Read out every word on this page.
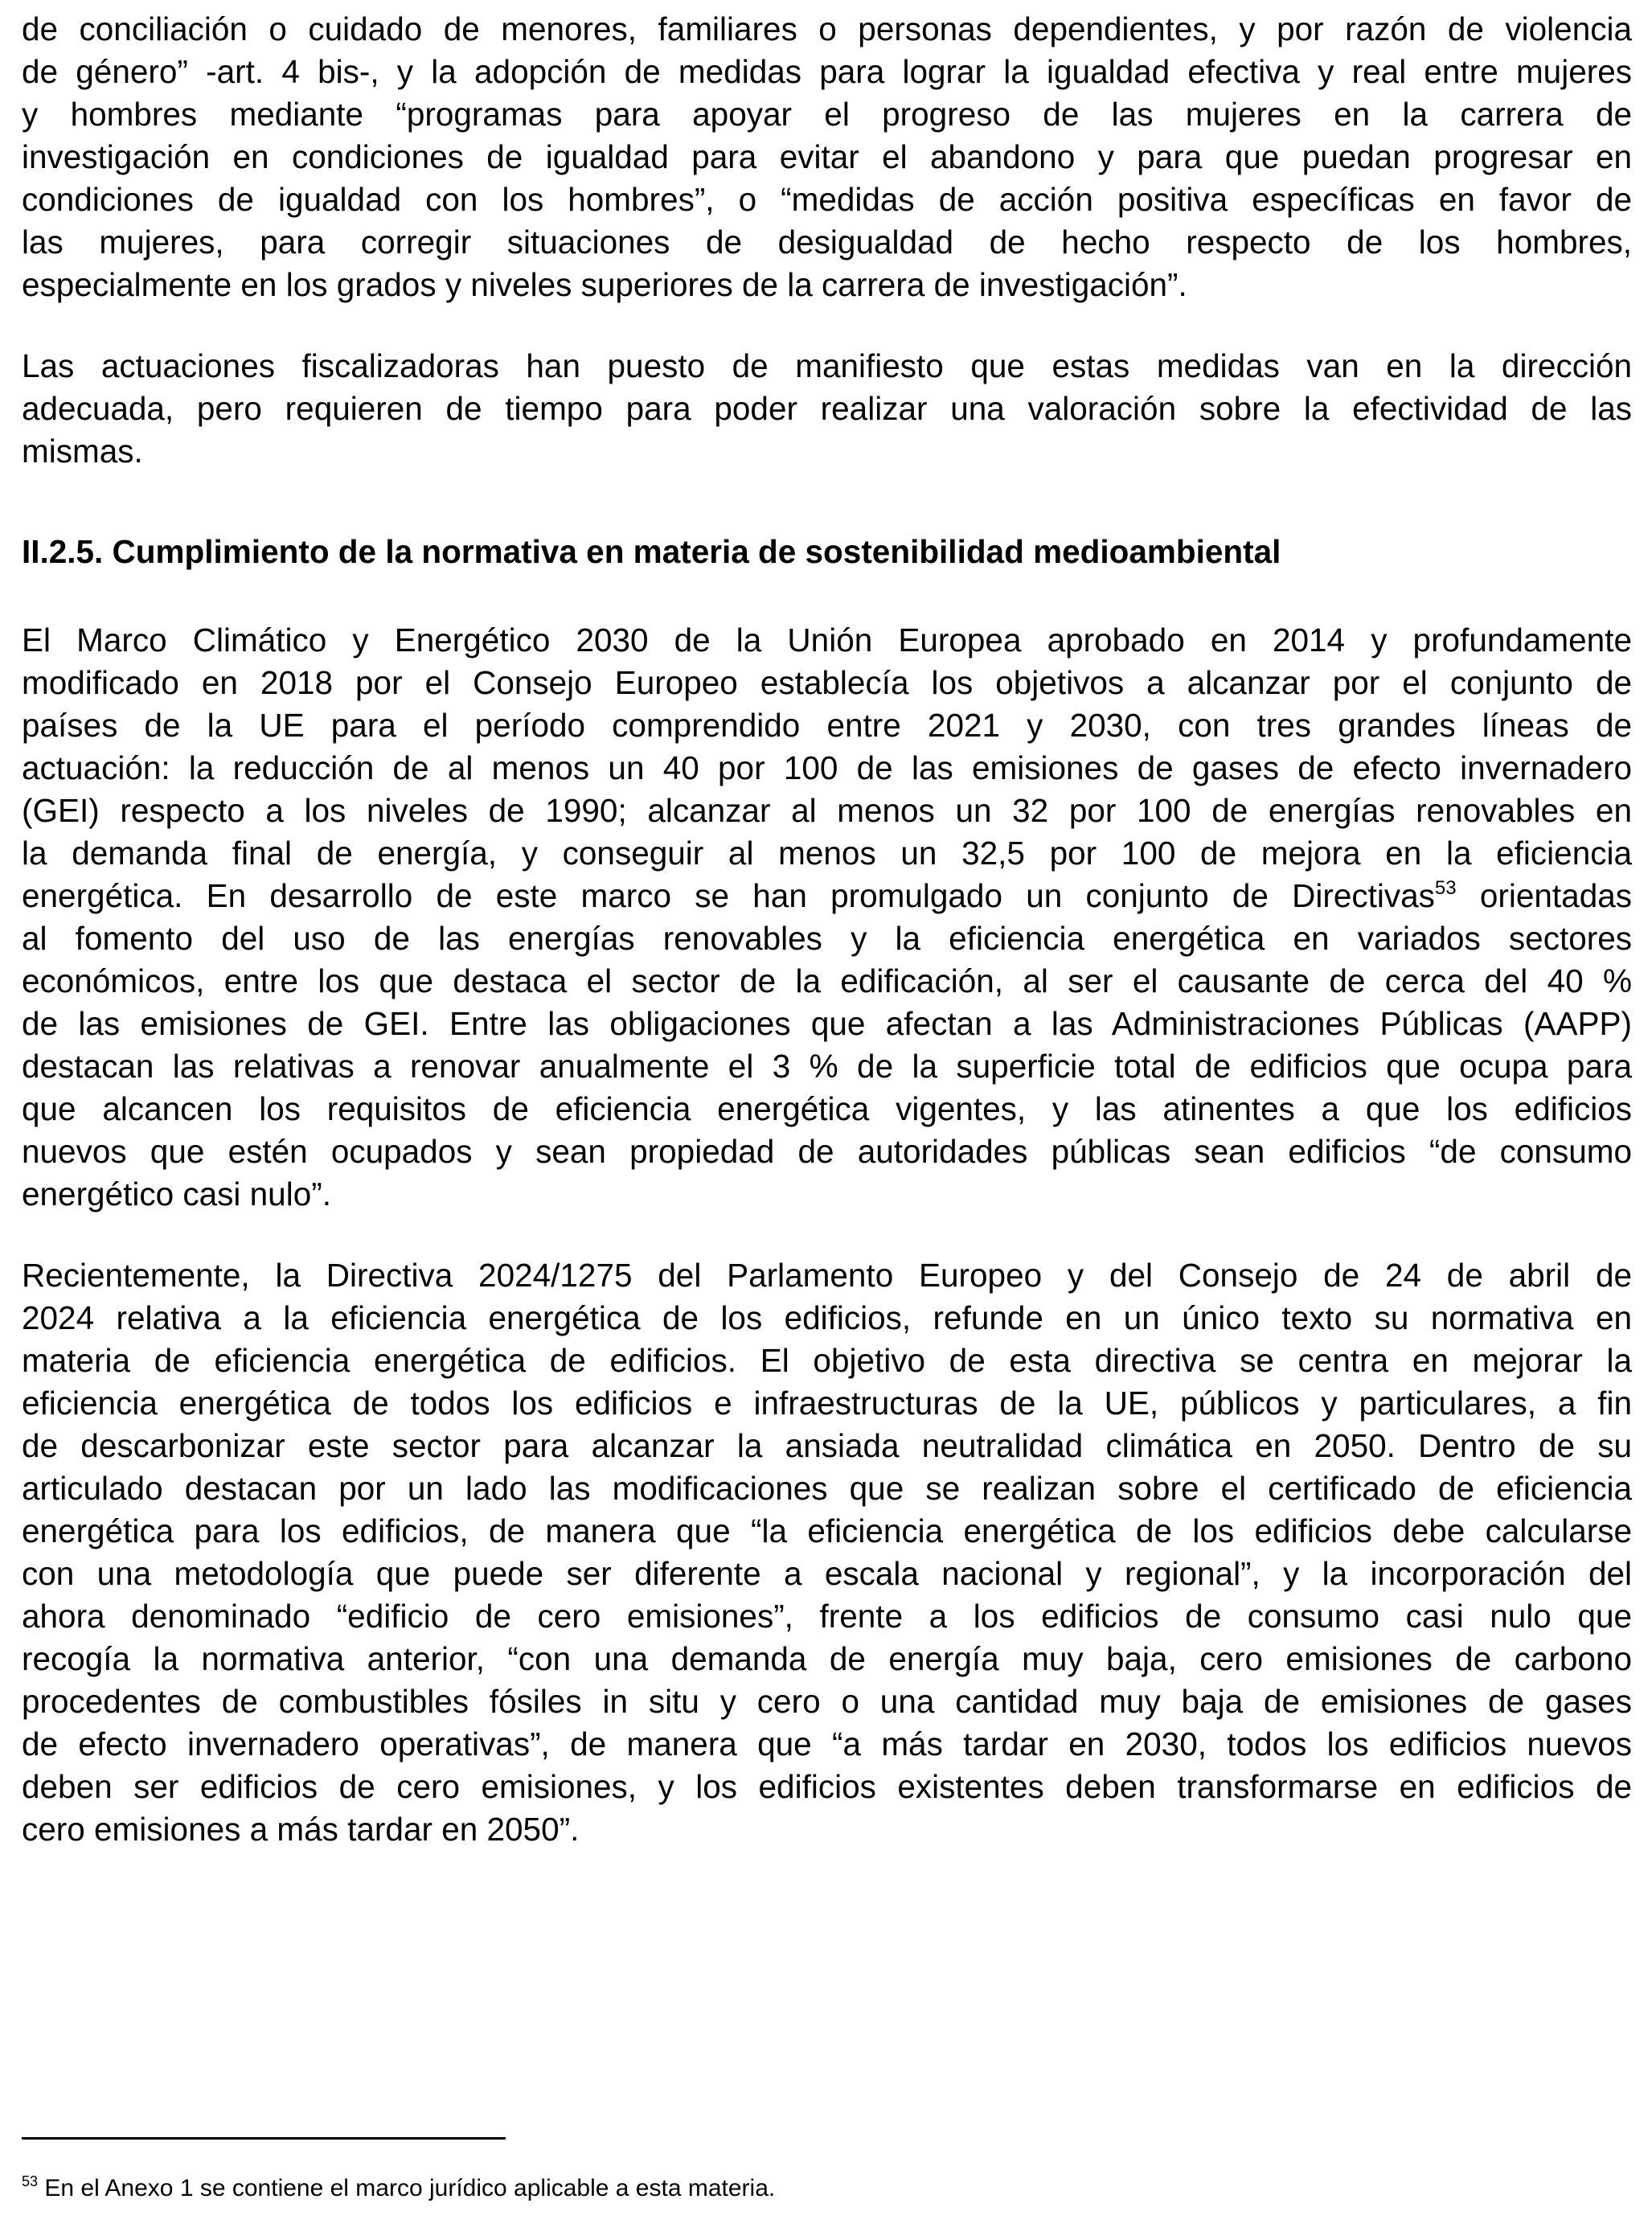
de conciliación o cuidado de menores, familiares o personas dependientes, y por razón de violencia
de género” -art. 4 bis-, y la adopción de medidas para lograr la igualdad efectiva y real entre mujeres
y hombres mediante “programas para apoyar el progreso de las mujeres en la carrera de
investigación en condiciones de igualdad para evitar el abandono y para que puedan progresar en
condiciones de igualdad con los hombres”, o “medidas de acción positiva específicas en favor de
las mujeres, para corregir situaciones de desigualdad de hecho respecto de los hombres,
especialmente en los grados y niveles superiores de la carrera de investigación”.
Las actuaciones fiscalizadoras han puesto de manifiesto que estas medidas van en la dirección
adecuada, pero requieren de tiempo para poder realizar una valoración sobre la efectividad de las
mismas.
II.2.5. Cumplimiento de la normativa en materia de sostenibilidad medioambiental
El Marco Climático y Energético 2030 de la Unión Europea aprobado en 2014 y profundamente
modificado en 2018 por el Consejo Europeo establecía los objetivos a alcanzar por el conjunto de
países de la UE para el período comprendido entre 2021 y 2030, con tres grandes líneas de
actuación: la reducción de al menos un 40 por 100 de las emisiones de gases de efecto invernadero
(GEI) respecto a los niveles de 1990; alcanzar al menos un 32 por 100 de energías renovables en
la demanda final de energía, y conseguir al menos un 32,5 por 100 de mejora en la eficiencia
energética. En desarrollo de este marco se han promulgado un conjunto de Directivas$^{53}$ orientadas
al fomento del uso de las energías renovables y la eficiencia energética en variados sectores
económicos, entre los que destaca el sector de la edificación, al ser el causante de cerca del 40 %
de las emisiones de GEI. Entre las obligaciones que afectan a las Administraciones Públicas (AAPP)
destacan las relativas a renovar anualmente el 3 % de la superficie total de edificios que ocupa para
que alcancen los requisitos de eficiencia energética vigentes, y las atinentes a que los edificios
nuevos que estén ocupados y sean propiedad de autoridades públicas sean edificios “de consumo
energético casi nulo”.
Recientemente, la Directiva 2024/1275 del Parlamento Europeo y del Consejo de 24 de abril de
2024 relativa a la eficiencia energética de los edificios, refunde en un único texto su normativa en
materia de eficiencia energética de edificios. El objetivo de esta directiva se centra en mejorar la
eficiencia energética de todos los edificios e infraestructuras de la UE, públicos y particulares, a fin
de descarbonizar este sector para alcanzar la ansiada neutralidad climática en 2050. Dentro de su
articulado destacan por un lado las modificaciones que se realizan sobre el certificado de eficiencia
energética para los edificios, de manera que “la eficiencia energética de los edificios debe calcularse
con una metodología que puede ser diferente a escala nacional y regional”, y la incorporación del
ahora denominado “edificio de cero emisiones”, frente a los edificios de consumo casi nulo que
recogía la normativa anterior, “con una demanda de energía muy baja, cero emisiones de carbono
procedentes de combustibles fósiles in situ y cero o una cantidad muy baja de emisiones de gases
de efecto invernadero operativas”, de manera que “a más tardar en 2030, todos los edificios nuevos
deben ser edificios de cero emisiones, y los edificios existentes deben transformarse en edificios de
cero emisiones a más tardar en 2050”.
$^{53}$ En el Anexo 1 se contiene el marco jurídico aplicable a esta materia.
